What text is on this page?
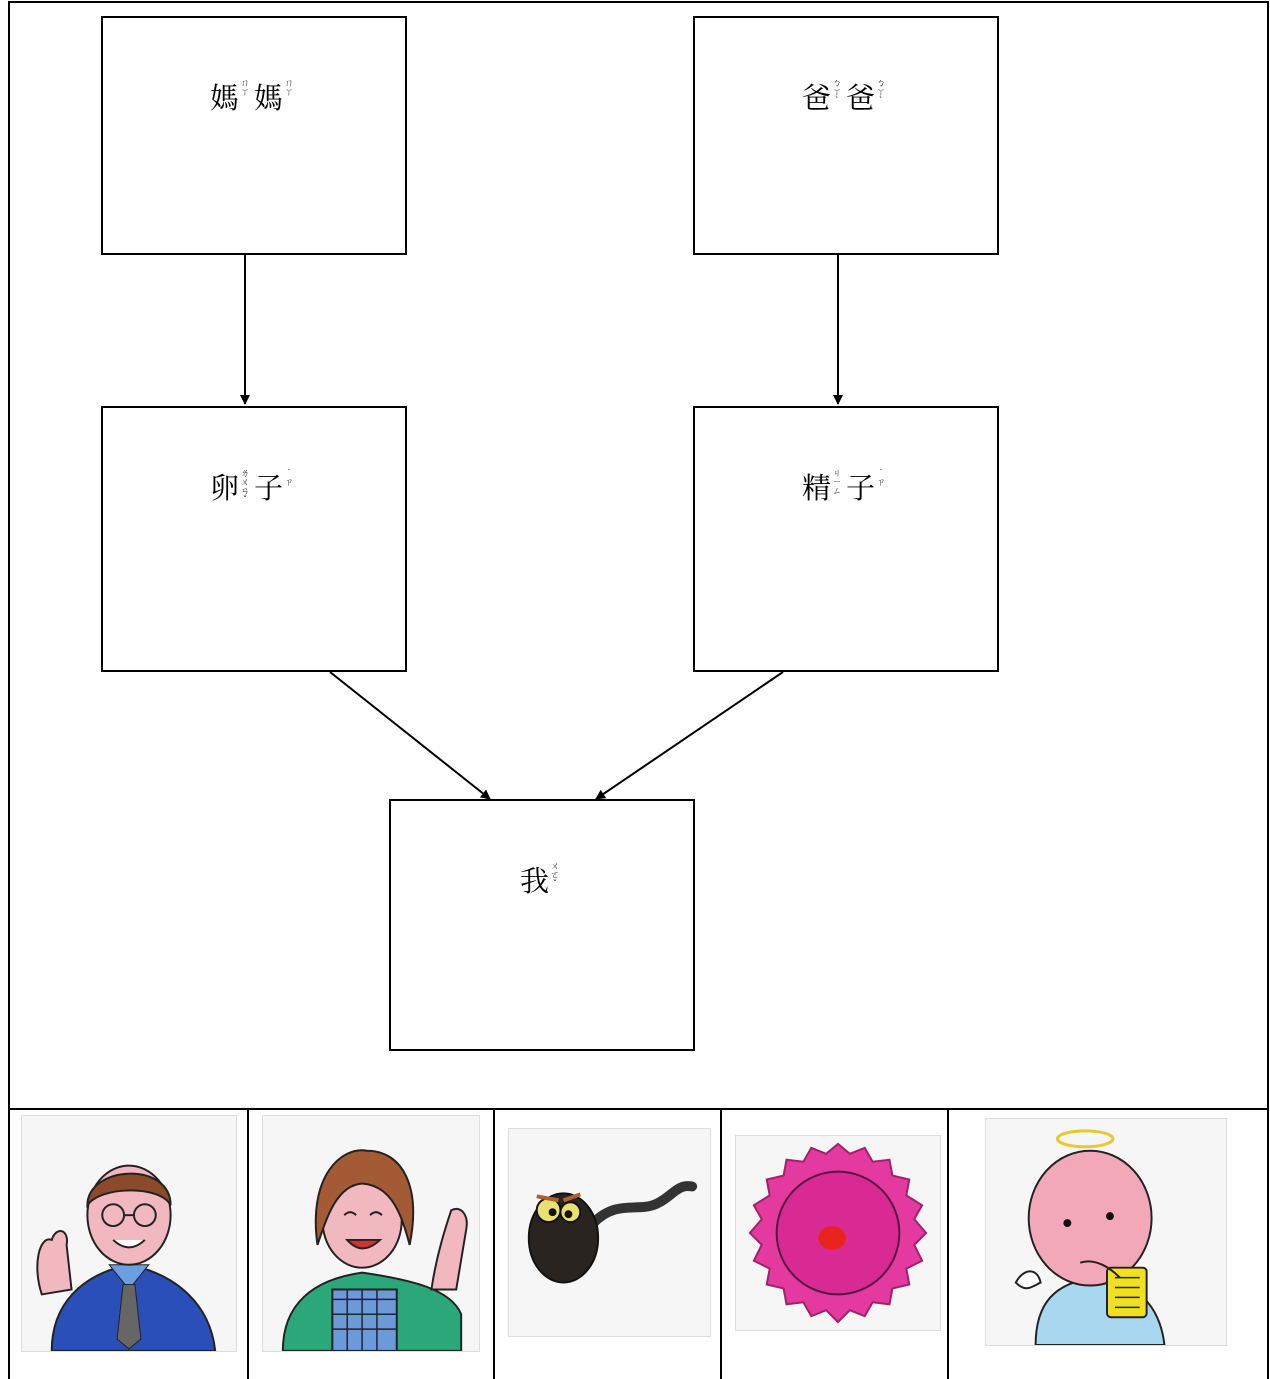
媽 ㄇ
ㄚ 媽 ㄇ
ㄚ	爸 ㄅ
ㄚ
ˋ 爸 ㄅ
ㄚ
ˋ
卵 ㄌ
ㄨ
ㄢ
ˇ 子 ˙
ㄗ	精 ㄐ
ㄧ
ㄥ 子 ˙
ㄗ
我 ㄨ
ㄛ
ˇ
